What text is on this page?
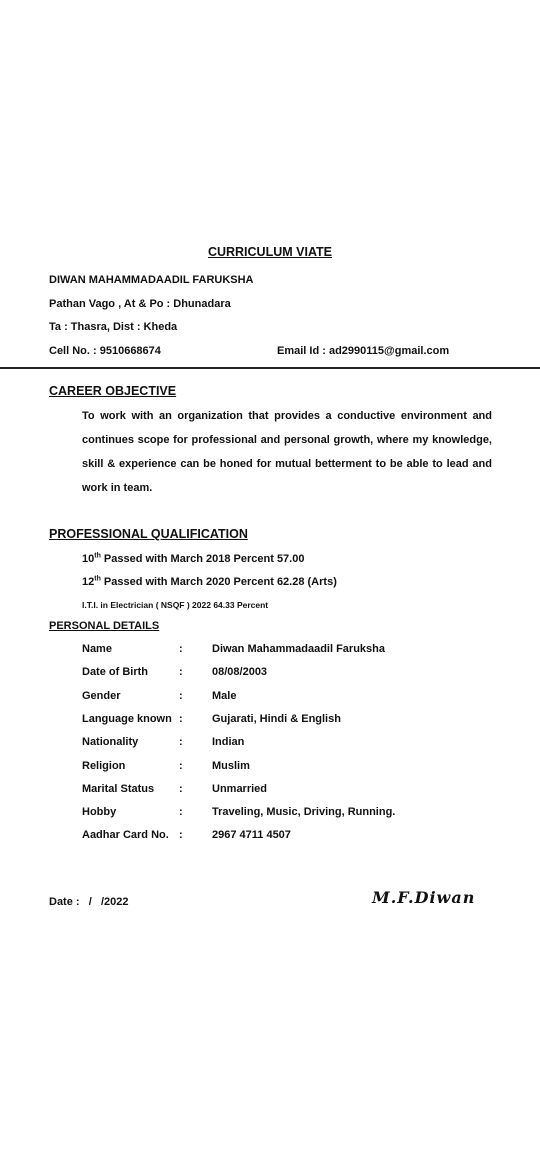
CURRICULUM VIATE
DIWAN MAHAMMADAADIL FARUKSHA
Pathan Vago , At & Po : Dhunadara
Ta : Thasra, Dist : Kheda
Cell No. : 9510668674	Email Id : ad2990115@gmail.com
CAREER OBJECTIVE
To work with an organization that provides a conductive environment and continues scope for professional and personal growth, where my knowledge, skill & experience can be honed for mutual betterment to be able to lead and work in team.
PROFESSIONAL QUALIFICATION
10th Passed with March 2018 Percent 57.00
12th Passed with March 2020 Percent 62.28 (Arts)
I.T.I. in Electrician ( NSQF ) 2022 64.33 Percent
PERSONAL DETAILS
Name	:	Diwan Mahammadaadil Faruksha
Date of Birth	:	08/08/2003
Gender	:	Male
Language known :	Gujarati, Hindi & English
Nationality	:	Indian
Religion	:	Muslim
Marital Status :	Unmarried
Hobby	:	Traveling, Music, Driving, Running.
Aadhar Card No. :	2967 4711 4507
Date :   /   /2022	M.F.Diwan
